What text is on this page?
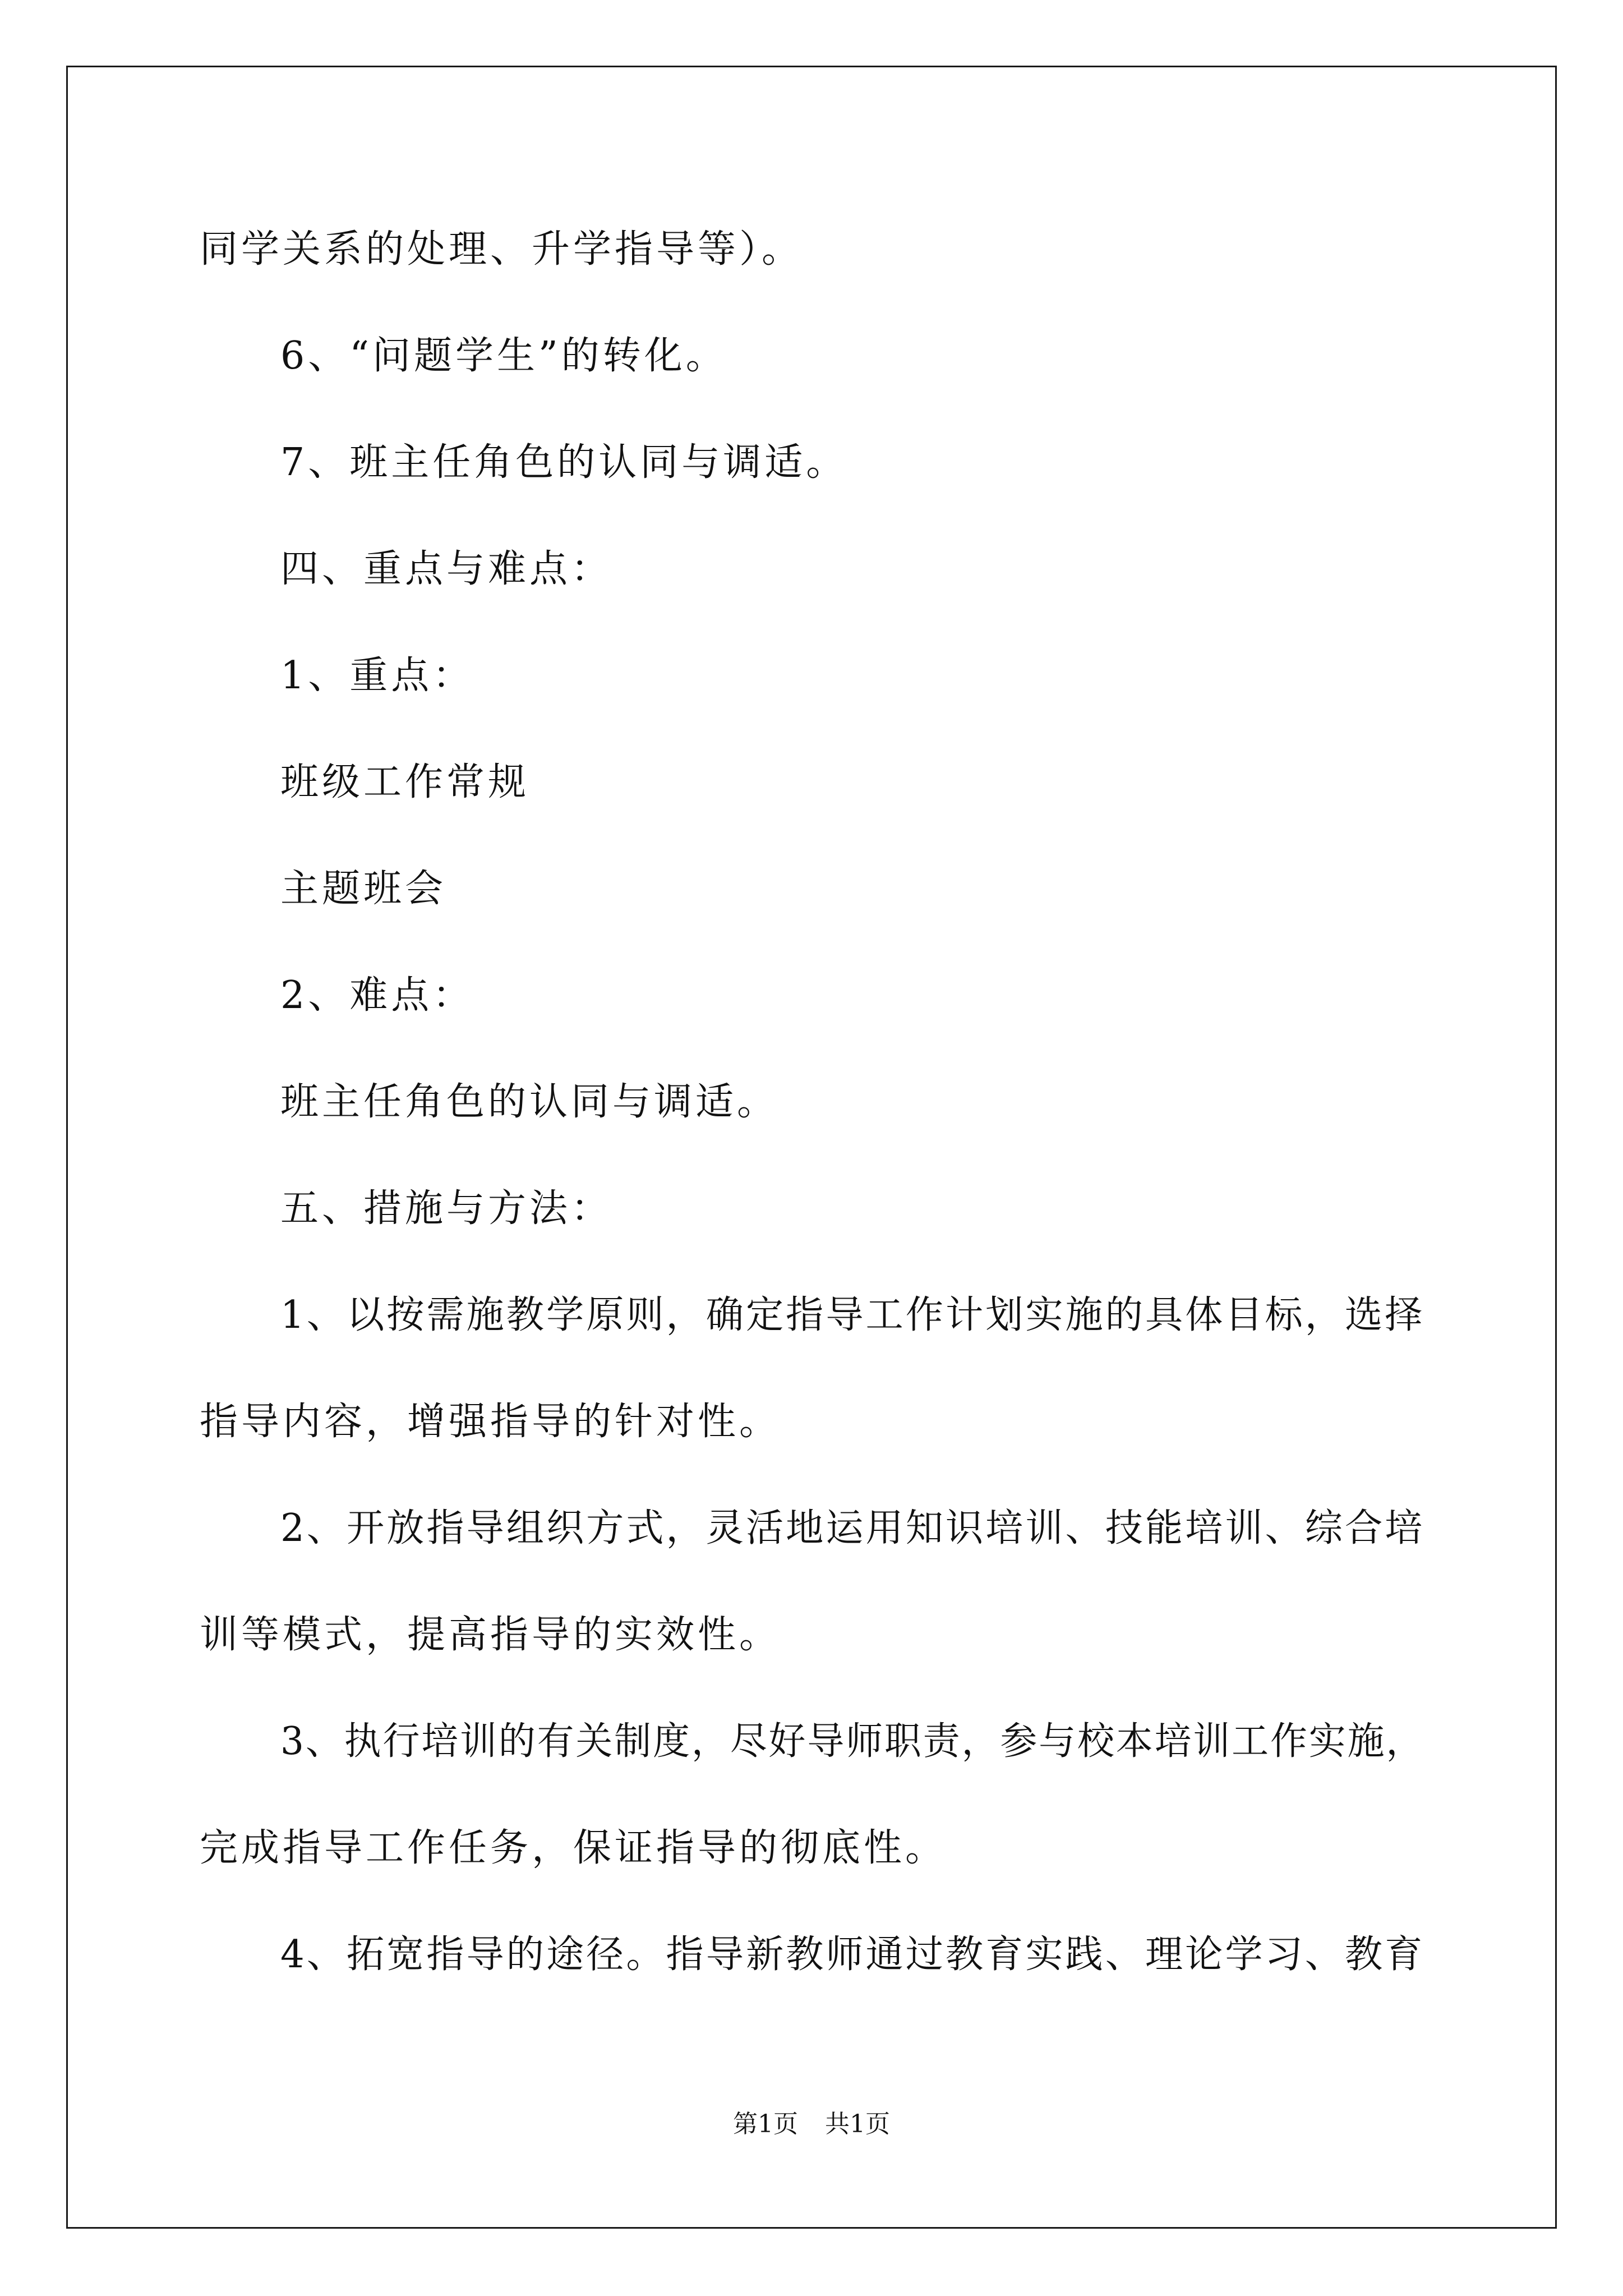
同学关系的处理、升学指导等）。
6、“问题学生”的转化。
7、班主任角色的认同与调适。
四、重点与难点：
1、重点：
班级工作常规
主题班会
2、难点：
班主任角色的认同与调适。
五、措施与方法：
1、以按需施教学原则，确定指导工作计划实施的具体目标，选择
指导内容，增强指导的针对性。
2、开放指导组织方式，灵活地运用知识培训、技能培训、综合培
训等模式，提高指导的实效性。
3、执行培训的有关制度，尽好导师职责，参与校本培训工作实施，
完成指导工作任务，保证指导的彻底性。
4、拓宽指导的途径。指导新教师通过教育实践、理论学习、教育
第1页 共1页
